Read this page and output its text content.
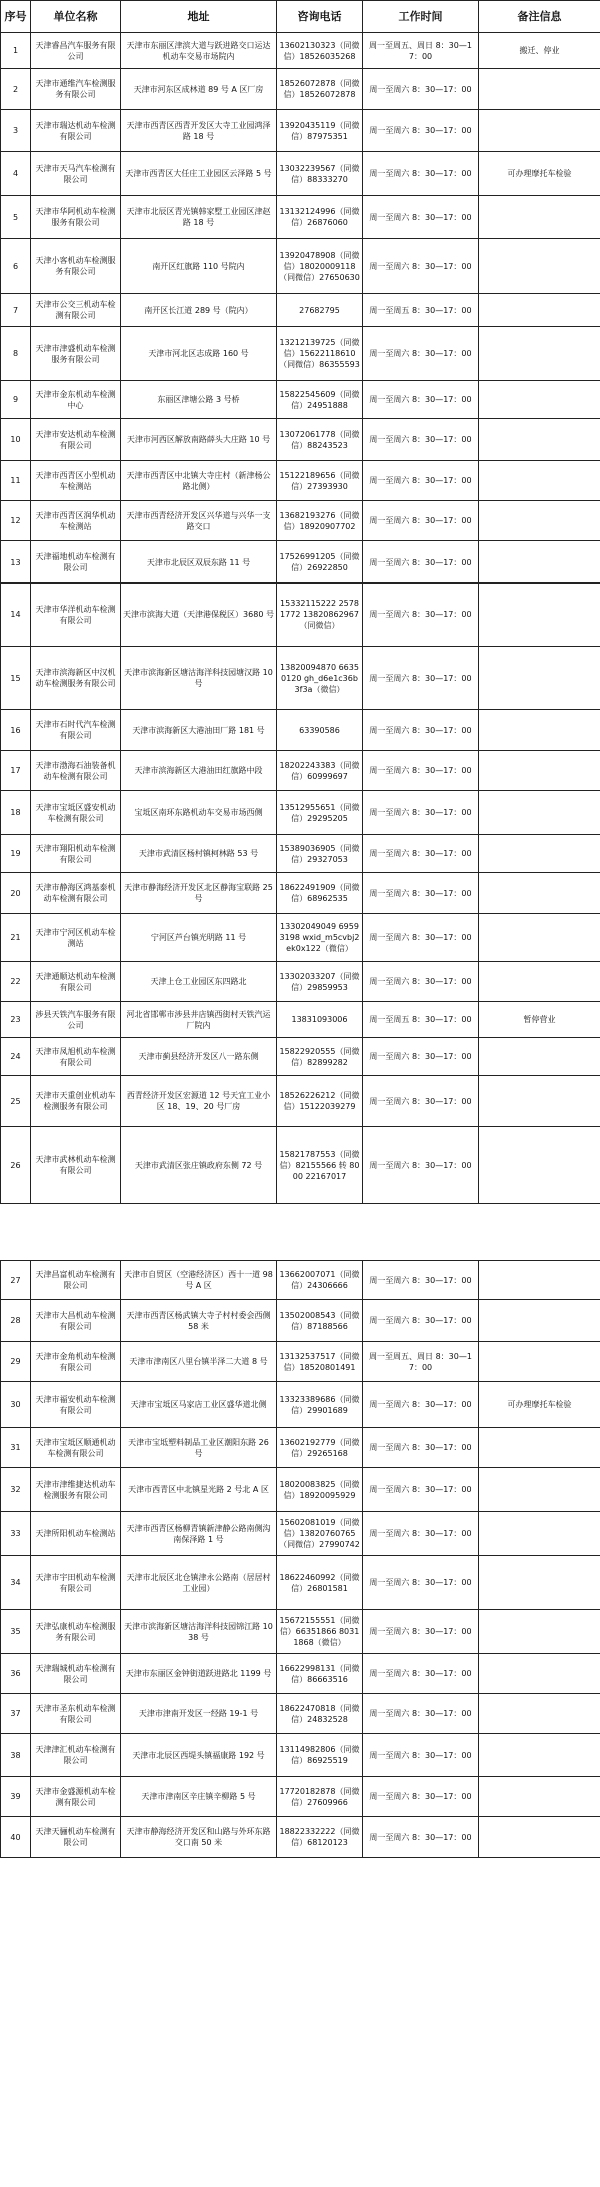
序号	单位名称	地址	咨询电话	工作时间	备注信息
1	天津睿昌汽车服务有限公司	天津市东丽区津滨大道与跃进路交口运达机动车交易市场院内	13602130323（同微信）18526035268	周一至周五、周日 8：30—17：00	搬迁、停业
2	天津市通维汽车检测服务有限公司	天津市河东区成林道 89 号 A 区厂房	18526072878（同微信）18526072878	周一至周六 8：30—17：00	
3	天津市瑞达机动车检测有限公司	天津市西青区西青开发区大寺工业园鸿泽路 18 号	13920435119（同微信）87975351	周一至周六 8：30—17：00	
4	天津市天马汽车检测有限公司	天津市西青区大任庄工业园区云泽路 5 号	13032239567（同微信）88333270	周一至周六 8：30—17：00	可办理摩托车检验
5	天津市华阿机动车检测服务有限公司	天津市北辰区青光镇韩家墅工业园区津赵路 18 号	13132124996（同微信）26876060	周一至周六 8：30—17：00	
6	天津小客机动车检测服务有限公司	南开区红旗路 110 号院内	13920478908（同微信）18020009118（同微信）27650630	周一至周六 8：30—17：00	
7	天津市公交三机动车检测有限公司	南开区长江道 289 号（院内）	27682795	周一至周五 8：30—17：00	
8	天津市津盛机动车检测服务有限公司	天津市河北区志成路 160 号	13212139725（同微信）15622118610（同微信）86355593	周一至周六 8：30—17：00	
9	天津市金东机动车检测中心	东丽区津塘公路 3 号桥	15822545609（同微信）24951888	周一至周六 8：30—17：00	
10	天津市安达机动车检测有限公司	天津市河西区解放南路薛头大庄路 10 号	13072061778（同微信）88243523	周一至周六 8：30—17：00	
11	天津市西青区小型机动车检测站	天津市西青区中北镇大寺庄村（新津杨公路北侧）	15122189656（同微信）27393930	周一至周六 8：30—17：00	
12	天津市西青区润华机动车检测站	天津市西青经济开发区兴华道与兴华一支路交口	13682193276（同微信）18920907702	周一至周六 8：30—17：00	
13	天津福地机动车检测有限公司	天津市北辰区双辰东路 11 号	17526991205（同微信）26922850	周一至周六 8：30—17：00	
14	天津市华洋机动车检测有限公司	天津市滨海大道（天津港保税区）3680 号	15332115222 25781772 13820862967（同微信）	周一至周六 8：30—17：00	
15	天津市滨海新区中汉机动车检测服务有限公司	天津市滨海新区塘沽海洋科技园塘汉路 10 号	13820094870 66350120 gh_d6e1c36b3f3a（微信）	周一至周六 8：30—17：00	
16	天津市石时代汽车检测有限公司	天津市滨海新区大港油田厂路 181 号	63390586	周一至周六 8：30—17：00	
17	天津市渤海石油装备机动车检测有限公司	天津市滨海新区大港油田红旗路中段	18202243383（同微信）60999697	周一至周六 8：30—17：00	
18	天津市宝坻区盛安机动车检测有限公司	宝坻区南环东路机动车交易市场西侧	13512955651（同微信）29295205	周一至周六 8：30—17：00	
19	天津市翔阳机动车检测有限公司	天津市武清区杨村镇柯林路 53 号	15389036905（同微信）29327053	周一至周六 8：30—17：00	
20	天津市静海区鸿基泰机动车检测有限公司	天津市静海经济开发区北区静海宝联路 25 号	18622491909（同微信）68962535	周一至周六 8：30—17：00	
21	天津市宁河区机动车检测站	宁河区芦台镇光明路 11 号	13302049049 69593198 wxid_m5cvbj2ek0x122（微信）	周一至周六 8：30—17：00	
22	天津通顺达机动车检测有限公司	天津上仓工业园区东四路北	13302033207（同微信）29859953	周一至周六 8：30—17：00	
23	涉县天铁汽车服务有限公司	河北省邯郸市涉县井店镇西街村天铁汽运厂院内	13831093006	周一至周五 8：30—17：00	暂停营业
24	天津市凤旭机动车检测有限公司	天津市蓟县经济开发区八一路东侧	15822920555（同微信）82899282	周一至周六 8：30—17：00	
25	天津市天重创业机动车检测服务有限公司	西青经济开发区宏源道 12 号天宜工业小区 18、19、20 号厂房	18526226212（同微信）15122039279	周一至周六 8：30—17：00	
26	天津市武林机动车检测有限公司	天津市武清区张庄镇政府东侧 72 号	15821787553（同微信）82155566 转 8000 22167017	周一至周六 8：30—17：00	
27	天津昌富机动车检测有限公司	天津市自贸区（空港经济区）西十一道 98 号 A 区	13662007071（同微信）24306666	周一至周六 8：30—17：00	
28	天津市大昌机动车检测有限公司	天津市西青区杨武镇大寺子村村委会西侧 58 米	13502008543（同微信）87188566	周一至周六 8：30—17：00	
29	天津市金角机动车检测有限公司	天津市津南区八里台镇半泽二大道 8 号	13132537517（同微信）18520801491	周一至周五、周日 8：30—17：00	
30	天津市福安机动车检测有限公司	天津市宝坻区马家店工业区盛华道北侧	13323389686（同微信）29901689	周一至周六 8：30—17：00	可办理摩托车检验
31	天津市宝坻区顺通机动车检测有限公司	天津市宝坻塑料制品工业区潮阳东路 26 号	13602192779（同微信）29265168	周一至周六 8：30—17：00	
32	天津市津维捷达机动车检测服务有限公司	天津市西青区中北镇星光路 2 号北 A 区	18020083825（同微信）18920095929	周一至周六 8：30—17：00	
33	天津所阳机动车检测站	天津市西青区杨柳青镇新津静公路南侧沟南保泽路 1 号	15602081019（同微信）13820760765（同微信）27990742	周一至周六 8：30—17：00	
34	天津市宇田机动车检测有限公司	天津市北辰区北仓镇津永公路南（居居村工业园）	18622460992（同微信）26801581	周一至周六 8：30—17：00	
35	天津弘康机动车检测服务有限公司	天津市滨海新区塘沽海洋科技园锦江路 1038 号	15672155551（同微信）66351866 80311868（微信）	周一至周六 8：30—17：00	
36	天津瑞城机动车检测有限公司	天津市东丽区金钟街道跃进路北 1199 号	16622998131（同微信）86663516	周一至周六 8：30—17：00	
37	天津市圣东机动车检测有限公司	天津市津南开发区一经路 19-1 号	18622470818（同微信）24832528	周一至周六 8：30—17：00	
38	天津津汇机动车检测有限公司	天津市北辰区西堤头镇福康路 192 号	13114982806（同微信）86925519	周一至周六 8：30—17：00	
39	天津市金盛源机动车检测有限公司	天津市津南区辛庄镇辛柳路 5 号	17720182878（同微信）27609966	周一至周六 8：30—17：00	
40	天津天骊机动车检测有限公司	天津市静海经济开发区和山路与外环东路交口南 50 米	18822332222（同微信）68120123	周一至周六 8：30—17：00	
